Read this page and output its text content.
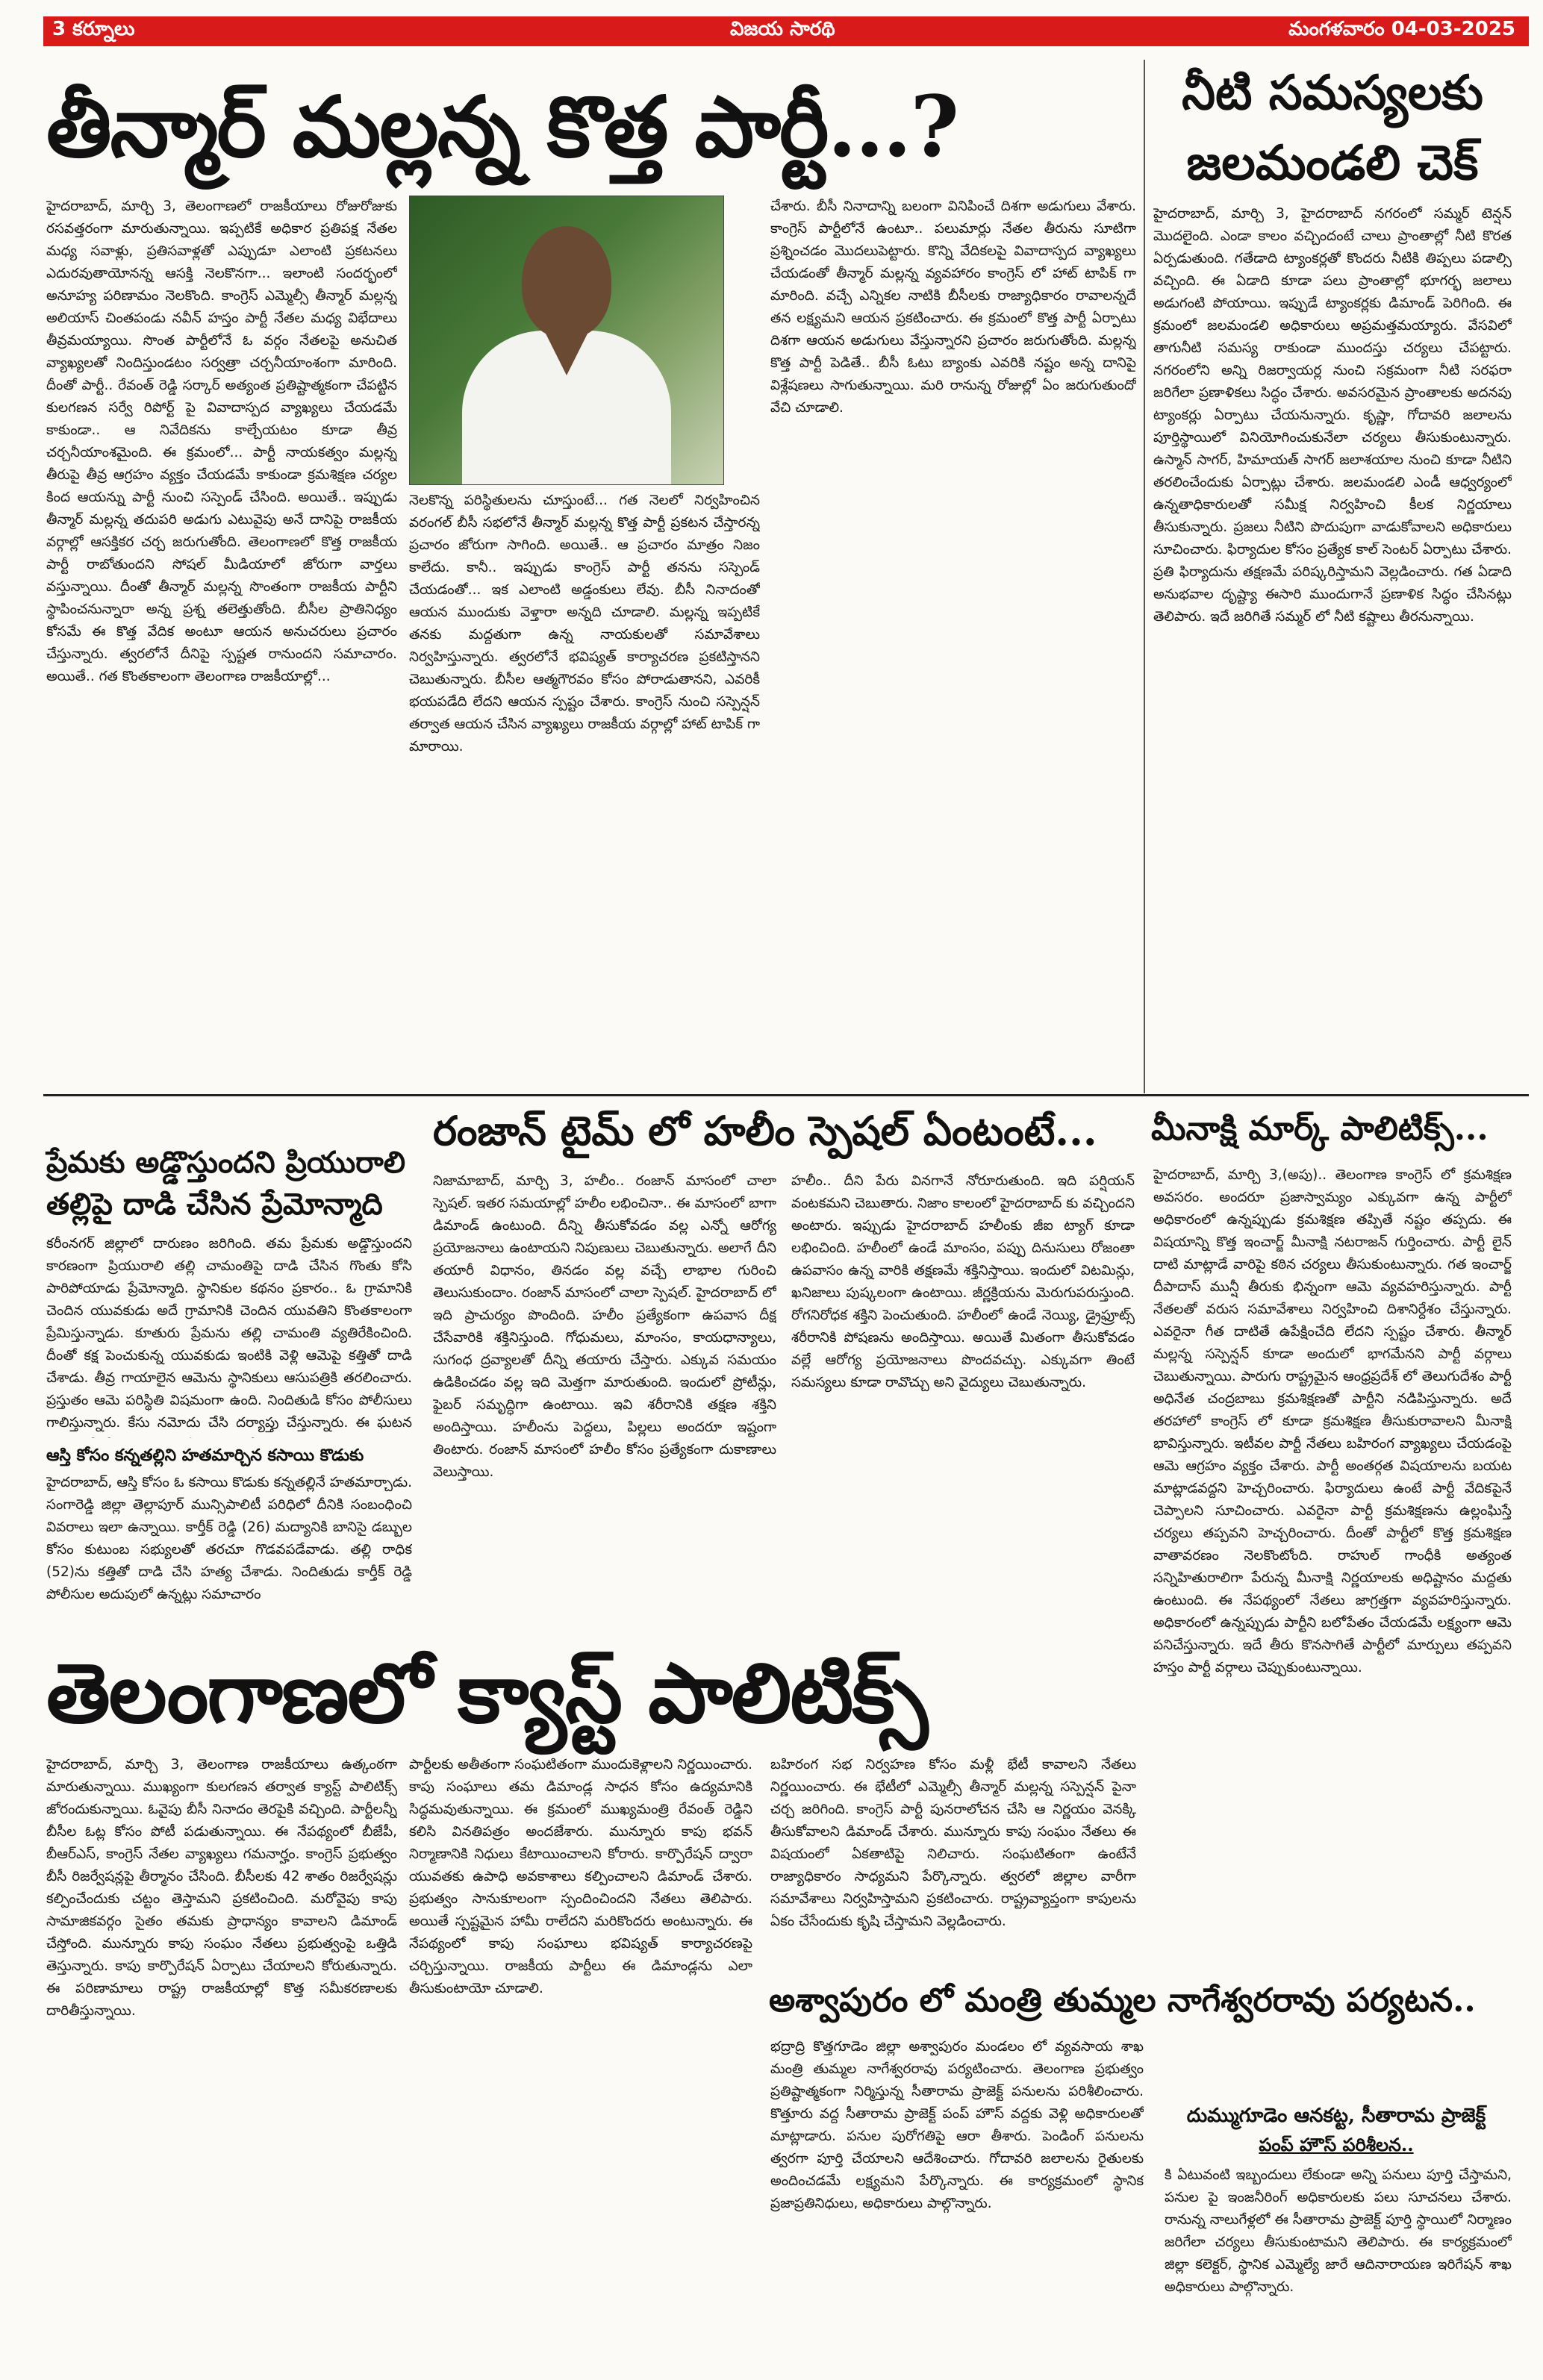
3 కర్నూలు	విజయ సారథి	మంగళవారం 04-03-2025
తీన్మార్ మల్లన్న కొత్త పార్టీ...?	నీటి సమస్యలకు జలమండలి చెక్
హైదరాబాద్, మార్చి 3, తెలంగాణలో రాజకీయాలు రోజురోజుకు రసవత్తరంగా మారుతున్నాయి. ఇప్పటికే అధికార ప్రతిపక్ష నేతల మధ్య సవాళ్లు, ప్రతిసవాళ్లతో ఎప్పుడూ ఎలాంటి ప్రకటనలు ఎదురవుతాయోనన్న ఆసక్తి నెలకొనగా... ఇలాంటి సందర్భంలో అనూహ్య పరిణామం నెలకొంది. కాంగ్రెస్ ఎమ్మెల్సీ తీన్మార్ మల్లన్న అలియాస్ చింతపండు నవీన్ హస్తం పార్టీ నేతల మధ్య విభేదాలు తీవ్రమయ్యాయి. సొంత పార్టీలోనే ఓ వర్గం నేతలపై అనుచిత వ్యాఖ్యలతో నిందిస్తుండటం సర్వత్రా చర్చనీయాంశంగా మారింది. దీంతో పార్టీ.. రేవంత్ రెడ్డి సర్కార్ అత్యంత ప్రతిష్టాత్మకంగా చేపట్టిన కులగణన సర్వే రిపోర్ట్ పై వివాదాస్పద వ్యాఖ్యలు చేయడమే కాకుండా.. ఆ నివేదికను కాల్చేయటం కూడా తీవ్ర చర్చనీయాంశమైంది. ఈ క్రమంలో... పార్టీ నాయకత్వం మల్లన్న తీరుపై తీవ్ర ఆగ్రహం వ్యక్తం చేయడమే కాకుండా క్రమశిక్షణ చర్యల కింద ఆయన్ను పార్టీ నుంచి సస్పెండ్ చేసింది. అయితే.. ఇప్పుడు తీన్మార్ మల్లన్న తదుపరి అడుగు ఎటువైపు అనే దానిపై రాజకీయ వర్గాల్లో ఆసక్తికర చర్చ జరుగుతోంది. తెలంగాణలో కొత్త రాజకీయ పార్టీ రాబోతుందని సోషల్ మీడియాలో జోరుగా వార్తలు వస్తున్నాయి. దీంతో తీన్మార్ మల్లన్న సొంతంగా రాజకీయ పార్టీని స్థాపించనున్నారా అన్న ప్రశ్న తలెత్తుతోంది. బీసీల ప్రాతినిధ్యం కోసమే ఈ కొత్త వేదిక అంటూ ఆయన అనుచరులు ప్రచారం చేస్తున్నారు. త్వరలోనే దీనిపై స్పష్టత రానుందని సమాచారం. అయితే.. గత కొంతకాలంగా తెలంగాణ రాజకీయాల్లో...
నెలకొన్న పరిస్థితులను చూస్తుంటే... గత నెలలో నిర్వహించిన వరంగల్ బీసీ సభలోనే తీన్మార్ మల్లన్న కొత్త పార్టీ ప్రకటన చేస్తారన్న ప్రచారం జోరుగా సాగింది. అయితే.. ఆ ప్రచారం మాత్రం నిజం కాలేదు. కానీ.. ఇప్పుడు కాంగ్రెస్ పార్టీ తనను సస్పెండ్ చేయడంతో... ఇక ఎలాంటి అడ్డంకులు లేవు. బీసీ నినాదంతో ఆయన ముందుకు వెళ్తారా అన్నది చూడాలి. మల్లన్న ఇప్పటికే తనకు మద్దతుగా ఉన్న నాయకులతో సమావేశాలు నిర్వహిస్తున్నారు. త్వరలోనే భవిష్యత్ కార్యాచరణ ప్రకటిస్తానని చెబుతున్నారు. బీసీల ఆత్మగౌరవం కోసం పోరాడుతానని, ఎవరికీ భయపడేది లేదని ఆయన స్పష్టం చేశారు. కాంగ్రెస్ నుంచి సస్పెన్షన్ తర్వాత ఆయన చేసిన వ్యాఖ్యలు రాజకీయ వర్గాల్లో హాట్ టాపిక్ గా మారాయి.
చేశారు. బీసీ నినాదాన్ని బలంగా వినిపించే దిశగా అడుగులు వేశారు. కాంగ్రెస్ పార్టీలోనే ఉంటూ.. పలుమార్లు నేతల తీరును సూటిగా ప్రశ్నించడం మొదలుపెట్టారు. కొన్ని వేదికలపై వివాదాస్పద వ్యాఖ్యలు చేయడంతో తీన్మార్ మల్లన్న వ్యవహారం కాంగ్రెస్ లో హాట్ టాపిక్ గా మారింది. వచ్చే ఎన్నికల నాటికి బీసీలకు రాజ్యాధికారం రావాలన్నదే తన లక్ష్యమని ఆయన ప్రకటించారు. ఈ క్రమంలో కొత్త పార్టీ ఏర్పాటు దిశగా ఆయన అడుగులు వేస్తున్నారని ప్రచారం జరుగుతోంది. మల్లన్న కొత్త పార్టీ పెడితే.. బీసీ ఓటు బ్యాంకు ఎవరికి నష్టం అన్న దానిపై విశ్లేషణలు సాగుతున్నాయి. మరి రానున్న రోజుల్లో ఏం జరుగుతుందో వేచి చూడాలి.
హైదరాబాద్, మార్చి 3, హైదరాబాద్ నగరంలో సమ్మర్ టెన్షన్ మొదలైంది. ఎండా కాలం వచ్చిందంటే చాలు ప్రాంతాల్లో నీటి కొరత ఏర్పడుతుంది. గతేడాది ట్యాంకర్లతో కొందరు నీటికి తిప్పలు పడాల్సి వచ్చింది. ఈ ఏడాది కూడా పలు ప్రాంతాల్లో భూగర్భ జలాలు అడుగంటి పోయాయి. ఇప్పుడే ట్యాంకర్లకు డిమాండ్ పెరిగింది. ఈ క్రమంలో జలమండలి అధికారులు అప్రమత్తమయ్యారు. వేసవిలో తాగునీటి సమస్య రాకుండా ముందస్తు చర్యలు చేపట్టారు. నగరంలోని అన్ని రిజర్వాయర్ల నుంచి సక్రమంగా నీటి సరఫరా జరిగేలా ప్రణాళికలు సిద్ధం చేశారు. అవసరమైన ప్రాంతాలకు అదనపు ట్యాంకర్లు ఏర్పాటు చేయనున్నారు. కృష్ణా, గోదావరి జలాలను పూర్తిస్థాయిలో వినియోగించుకునేలా చర్యలు తీసుకుంటున్నారు. ఉస్మాన్ సాగర్, హిమాయత్ సాగర్ జలాశయాల నుంచి కూడా నీటిని తరలించేందుకు ఏర్పాట్లు చేశారు. జలమండలి ఎండీ ఆధ్వర్యంలో ఉన్నతాధికారులతో సమీక్ష నిర్వహించి కీలక నిర్ణయాలు తీసుకున్నారు. ప్రజలు నీటిని పొదుపుగా వాడుకోవాలని అధికారులు సూచించారు. ఫిర్యాదుల కోసం ప్రత్యేక కాల్ సెంటర్ ఏర్పాటు చేశారు. ప్రతి ఫిర్యాదును తక్షణమే పరిష్కరిస్తామని వెల్లడించారు. గత ఏడాది అనుభవాల దృష్ట్యా ఈసారి ముందుగానే ప్రణాళిక సిద్ధం చేసినట్లు తెలిపారు. ఇదే జరిగితే సమ్మర్ లో నీటి కష్టాలు తీరనున్నాయి.
రంజాన్ టైమ్ లో హలీం స్పెషల్ ఏంటంటే...
నిజామాబాద్, మార్చి 3, హలీం.. రంజాన్ మాసంలో చాలా స్పెషల్. ఇతర సమయాల్లో హలీం లభించినా.. ఈ మాసంలో బాగా డిమాండ్ ఉంటుంది. దీన్ని తీసుకోవడం వల్ల ఎన్నో ఆరోగ్య ప్రయోజనాలు ఉంటాయని నిపుణులు చెబుతున్నారు. అలాగే దీని తయారీ విధానం, తినడం వల్ల వచ్చే లాభాల గురించి తెలుసుకుందాం. రంజాన్ మాసంలో చాలా స్పెషల్. హైదరాబాద్ లో ఇది ప్రాచుర్యం పొందింది. హలీం ప్రత్యేకంగా ఉపవాస దీక్ష చేసేవారికి శక్తినిస్తుంది. గోధుమలు, మాంసం, కాయధాన్యాలు, సుగంధ ద్రవ్యాలతో దీన్ని తయారు చేస్తారు. ఎక్కువ సమయం ఉడికించడం వల్ల ఇది మెత్తగా మారుతుంది. ఇందులో ప్రోటీన్లు, ఫైబర్ సమృద్ధిగా ఉంటాయి. ఇవి శరీరానికి తక్షణ శక్తిని అందిస్తాయి. హలీంను పెద్దలు, పిల్లలు అందరూ ఇష్టంగా తింటారు. రంజాన్ మాసంలో హలీం కోసం ప్రత్యేకంగా దుకాణాలు వెలుస్తాయి.
హలీం.. దీని పేరు వినగానే నోరూరుతుంది. ఇది పర్షియన్ వంటకమని చెబుతారు. నిజాం కాలంలో హైదరాబాద్ కు వచ్చిందని అంటారు. ఇప్పుడు హైదరాబాద్ హలీంకు జీఐ ట్యాగ్ కూడా లభించింది. హలీంలో ఉండే మాంసం, పప్పు దినుసులు రోజంతా ఉపవాసం ఉన్న వారికి తక్షణమే శక్తినిస్తాయి. ఇందులో విటమిన్లు, ఖనిజాలు పుష్కలంగా ఉంటాయి. జీర్ణక్రియను మెరుగుపరుస్తుంది. రోగనిరోధక శక్తిని పెంచుతుంది. హలీంలో ఉండే నెయ్యి, డ్రైఫ్రూట్స్ శరీరానికి పోషణను అందిస్తాయి. అయితే మితంగా తీసుకోవడం వల్లే ఆరోగ్య ప్రయోజనాలు పొందవచ్చు. ఎక్కువగా తింటే సమస్యలు కూడా రావొచ్చు అని వైద్యులు చెబుతున్నారు.
ప్రేమకు అడ్డొస్తుందని ప్రియురాలి తల్లిపై దాడి చేసిన ప్రేమోన్మాది
కరీంనగర్ జిల్లాలో దారుణం జరిగింది. తమ ప్రేమకు అడ్డొస్తుందని కారణంగా ప్రియురాలి తల్లి చామంతిపై దాడి చేసిన గొంతు కోసి పారిపోయాడు ప్రేమోన్మాది. స్థానికుల కథనం ప్రకారం.. ఓ గ్రామానికి చెందిన యువకుడు అదే గ్రామానికి చెందిన యువతిని కొంతకాలంగా ప్రేమిస్తున్నాడు. కూతురు ప్రేమను తల్లి చామంతి వ్యతిరేకించింది. దీంతో కక్ష పెంచుకున్న యువకుడు ఇంటికి వెళ్లి ఆమెపై కత్తితో దాడి చేశాడు. తీవ్ర గాయాలైన ఆమెను స్థానికులు ఆసుపత్రికి తరలించారు. ప్రస్తుతం ఆమె పరిస్థితి విషమంగా ఉంది. నిందితుడి కోసం పోలీసులు గాలిస్తున్నారు. కేసు నమోదు చేసి దర్యాప్తు చేస్తున్నారు. ఈ ఘటన
ఆస్తి కోసం కన్నతల్లిని హతమార్చిన కసాయి కొడుకు
హైదరాబాద్, ఆస్తి కోసం ఓ కసాయి కొడుకు కన్నతల్లినే హతమార్చాడు. సంగారెడ్డి జిల్లా తెల్లాపూర్ మున్సిపాలిటీ పరిధిలో దీనికి సంబంధించి వివరాలు ఇలా ఉన్నాయి. కార్తీక్ రెడ్డి (26) మద్యానికి బానిసై డబ్బుల కోసం కుటుంబ సభ్యులతో తరచూ గొడవపడేవాడు. తల్లి రాధిక (52)ను కత్తితో దాడి చేసి హత్య చేశాడు. నిందితుడు కార్తీక్ రెడ్డి పోలీసుల అదుపులో ఉన్నట్లు సమాచారం
మీనాక్షి మార్క్ పాలిటిక్స్...
హైదరాబాద్, మార్చి 3,(అపు).. తెలంగాణ కాంగ్రెస్ లో క్రమశిక్షణ అవసరం. అందరూ ప్రజాస్వామ్యం ఎక్కువగా ఉన్న పార్టీలో అధికారంలో ఉన్నప్పుడు క్రమశిక్షణ తప్పితే నష్టం తప్పదు. ఈ విషయాన్ని కొత్త ఇంచార్జ్ మీనాక్షి నటరాజన్ గుర్తించారు. పార్టీ లైన్ దాటి మాట్లాడే వారిపై కఠిన చర్యలు తీసుకుంటున్నారు. గత ఇంచార్జ్ దీపాదాస్ మున్షీ తీరుకు భిన్నంగా ఆమె వ్యవహరిస్తున్నారు. పార్టీ నేతలతో వరుస సమావేశాలు నిర్వహించి దిశానిర్దేశం చేస్తున్నారు. ఎవరైనా గీత దాటితే ఉపేక్షించేది లేదని స్పష్టం చేశారు. తీన్మార్ మల్లన్న సస్పెన్షన్ కూడా అందులో భాగమేనని పార్టీ వర్గాలు చెబుతున్నాయి. పారుగు రాష్ట్రమైన ఆంధ్రప్రదేశ్ లో తెలుగుదేశం పార్టీ అధినేత చంద్రబాబు క్రమశిక్షణతో పార్టీని నడిపిస్తున్నారు. అదే తరహాలో కాంగ్రెస్ లో కూడా క్రమశిక్షణ తీసుకురావాలని మీనాక్షి భావిస్తున్నారు. ఇటీవల పార్టీ నేతలు బహిరంగ వ్యాఖ్యలు చేయడంపై ఆమె ఆగ్రహం వ్యక్తం చేశారు. పార్టీ అంతర్గత విషయాలను బయట మాట్లాడవద్దని హెచ్చరించారు. ఫిర్యాదులు ఉంటే పార్టీ వేదికపైనే చెప్పాలని సూచించారు. ఎవరైనా పార్టీ క్రమశిక్షణను ఉల్లంఘిస్తే చర్యలు తప్పవని హెచ్చరించారు. దీంతో పార్టీలో కొత్త క్రమశిక్షణ వాతావరణం నెలకొంటోంది. రాహుల్ గాంధీకి అత్యంత సన్నిహితురాలిగా పేరున్న మీనాక్షి నిర్ణయాలకు అధిష్టానం మద్దతు ఉంటుంది. ఈ నేపథ్యంలో నేతలు జాగ్రత్తగా వ్యవహరిస్తున్నారు. అధికారంలో ఉన్నప్పుడు పార్టీని బలోపేతం చేయడమే లక్ష్యంగా ఆమె పనిచేస్తున్నారు. ఇదే తీరు కొనసాగితే పార్టీలో మార్పులు తప్పవని హస్తం పార్టీ వర్గాలు చెప్పుకుంటున్నాయి.
తెలంగాణలో క్యాస్ట్ పాలిటిక్స్
హైదరాబాద్, మార్చి 3, తెలంగాణ రాజకీయాలు ఉత్కంఠగా మారుతున్నాయి. ముఖ్యంగా కులగణన తర్వాత క్యాస్ట్ పాలిటిక్స్ జోరందుకున్నాయి. ఓవైపు బీసీ నినాదం తెరపైకి వచ్చింది. పార్టీలన్నీ బీసీల ఓట్ల కోసం పోటీ పడుతున్నాయి. ఈ నేపథ్యంలో బీజేపీ, బీఆర్ఎస్, కాంగ్రెస్ నేతల వ్యాఖ్యలు గమనార్హం. కాంగ్రెస్ ప్రభుత్వం బీసీ రిజర్వేషన్లపై తీర్మానం చేసింది. బీసీలకు 42 శాతం రిజర్వేషన్లు కల్పించేందుకు చట్టం తెస్తామని ప్రకటించింది. మరోవైపు కాపు సామాజికవర్గం సైతం తమకు ప్రాధాన్యం కావాలని డిమాండ్ చేస్తోంది. మున్నూరు కాపు సంఘం నేతలు ప్రభుత్వంపై ఒత్తిడి తెస్తున్నారు. కాపు కార్పొరేషన్ ఏర్పాటు చేయాలని కోరుతున్నారు. ఈ పరిణామాలు రాష్ట్ర రాజకీయాల్లో కొత్త సమీకరణాలకు దారితీస్తున్నాయి.
పార్టీలకు అతీతంగా సంఘటితంగా ముందుకెళ్లాలని నిర్ణయించారు. కాపు సంఘాలు తమ డిమాండ్ల సాధన కోసం ఉద్యమానికి సిద్ధమవుతున్నాయి. ఈ క్రమంలో ముఖ్యమంత్రి రేవంత్ రెడ్డిని కలిసి వినతిపత్రం అందజేశారు. మున్నూరు కాపు భవన్ నిర్మాణానికి నిధులు కేటాయించాలని కోరారు. కార్పొరేషన్ ద్వారా యువతకు ఉపాధి అవకాశాలు కల్పించాలని డిమాండ్ చేశారు. ప్రభుత్వం సానుకూలంగా స్పందించిందని నేతలు తెలిపారు. అయితే స్పష్టమైన హామీ రాలేదని మరికొందరు అంటున్నారు. ఈ నేపథ్యంలో కాపు సంఘాలు భవిష్యత్ కార్యాచరణపై చర్చిస్తున్నాయి. రాజకీయ పార్టీలు ఈ డిమాండ్లను ఎలా తీసుకుంటాయో చూడాలి.
బహిరంగ సభ నిర్వహణ కోసం మళ్లీ భేటీ కావాలని నేతలు నిర్ణయించారు. ఈ భేటీలో ఎమ్మెల్సీ తీన్మార్ మల్లన్న సస్పెన్షన్ పైనా చర్చ జరిగింది. కాంగ్రెస్ పార్టీ పునరాలోచన చేసి ఆ నిర్ణయం వెనక్కి తీసుకోవాలని డిమాండ్ చేశారు. మున్నూరు కాపు సంఘం నేతలు ఈ విషయంలో ఏకతాటిపై నిలిచారు. సంఘటితంగా ఉంటేనే రాజ్యాధికారం సాధ్యమని పేర్కొన్నారు. త్వరలో జిల్లాల వారీగా సమావేశాలు నిర్వహిస్తామని ప్రకటించారు. రాష్ట్రవ్యాప్తంగా కాపులను ఏకం చేసేందుకు కృషి చేస్తామని వెల్లడించారు.
అశ్వాపురం లో మంత్రి తుమ్మల నాగేశ్వరరావు పర్యటన..
భద్రాద్రి కొత్తగూడెం జిల్లా అశ్వాపురం మండలం లో వ్యవసాయ శాఖ మంత్రి తుమ్మల నాగేశ్వరరావు పర్యటించారు. తెలంగాణ ప్రభుత్వం ప్రతిష్టాత్మకంగా నిర్మిస్తున్న సీతారామ ప్రాజెక్ట్ పనులను పరిశీలించారు. కొత్తూరు వద్ద సీతారామ ప్రాజెక్ట్ పంప్ హౌస్ వద్దకు వెళ్లి అధికారులతో మాట్లాడారు. పనుల పురోగతిపై ఆరా తీశారు. పెండింగ్ పనులను త్వరగా పూర్తి చేయాలని ఆదేశించారు. గోదావరి జలాలను రైతులకు అందించడమే లక్ష్యమని పేర్కొన్నారు. ఈ కార్యక్రమంలో స్థానిక ప్రజాప్రతినిధులు, అధికారులు పాల్గొన్నారు.
దుమ్ముగూడెం ఆనకట్ట, సీతారామ ప్రాజెక్ట్
పంప్ హౌస్ పరిశీలన..
కి ఏటువంటి ఇబ్బందులు లేకుండా అన్ని పనులు పూర్తి చేస్తామని, పనుల పై ఇంజనీరింగ్ అధికారులకు పలు సూచనలు చేశారు. రానున్న నాలుగేళ్లలో ఈ సీతారామ ప్రాజెక్ట్ పూర్తి స్థాయిలో నిర్మాణం జరిగేలా చర్యలు తీసుకుంటామని తెలిపారు. ఈ కార్యక్రమంలో జిల్లా కలెక్టర్, స్థానిక ఎమ్మెల్యే జారే ఆదినారాయణ ఇరిగేషన్ శాఖ అధికారులు పాల్గొన్నారు.
